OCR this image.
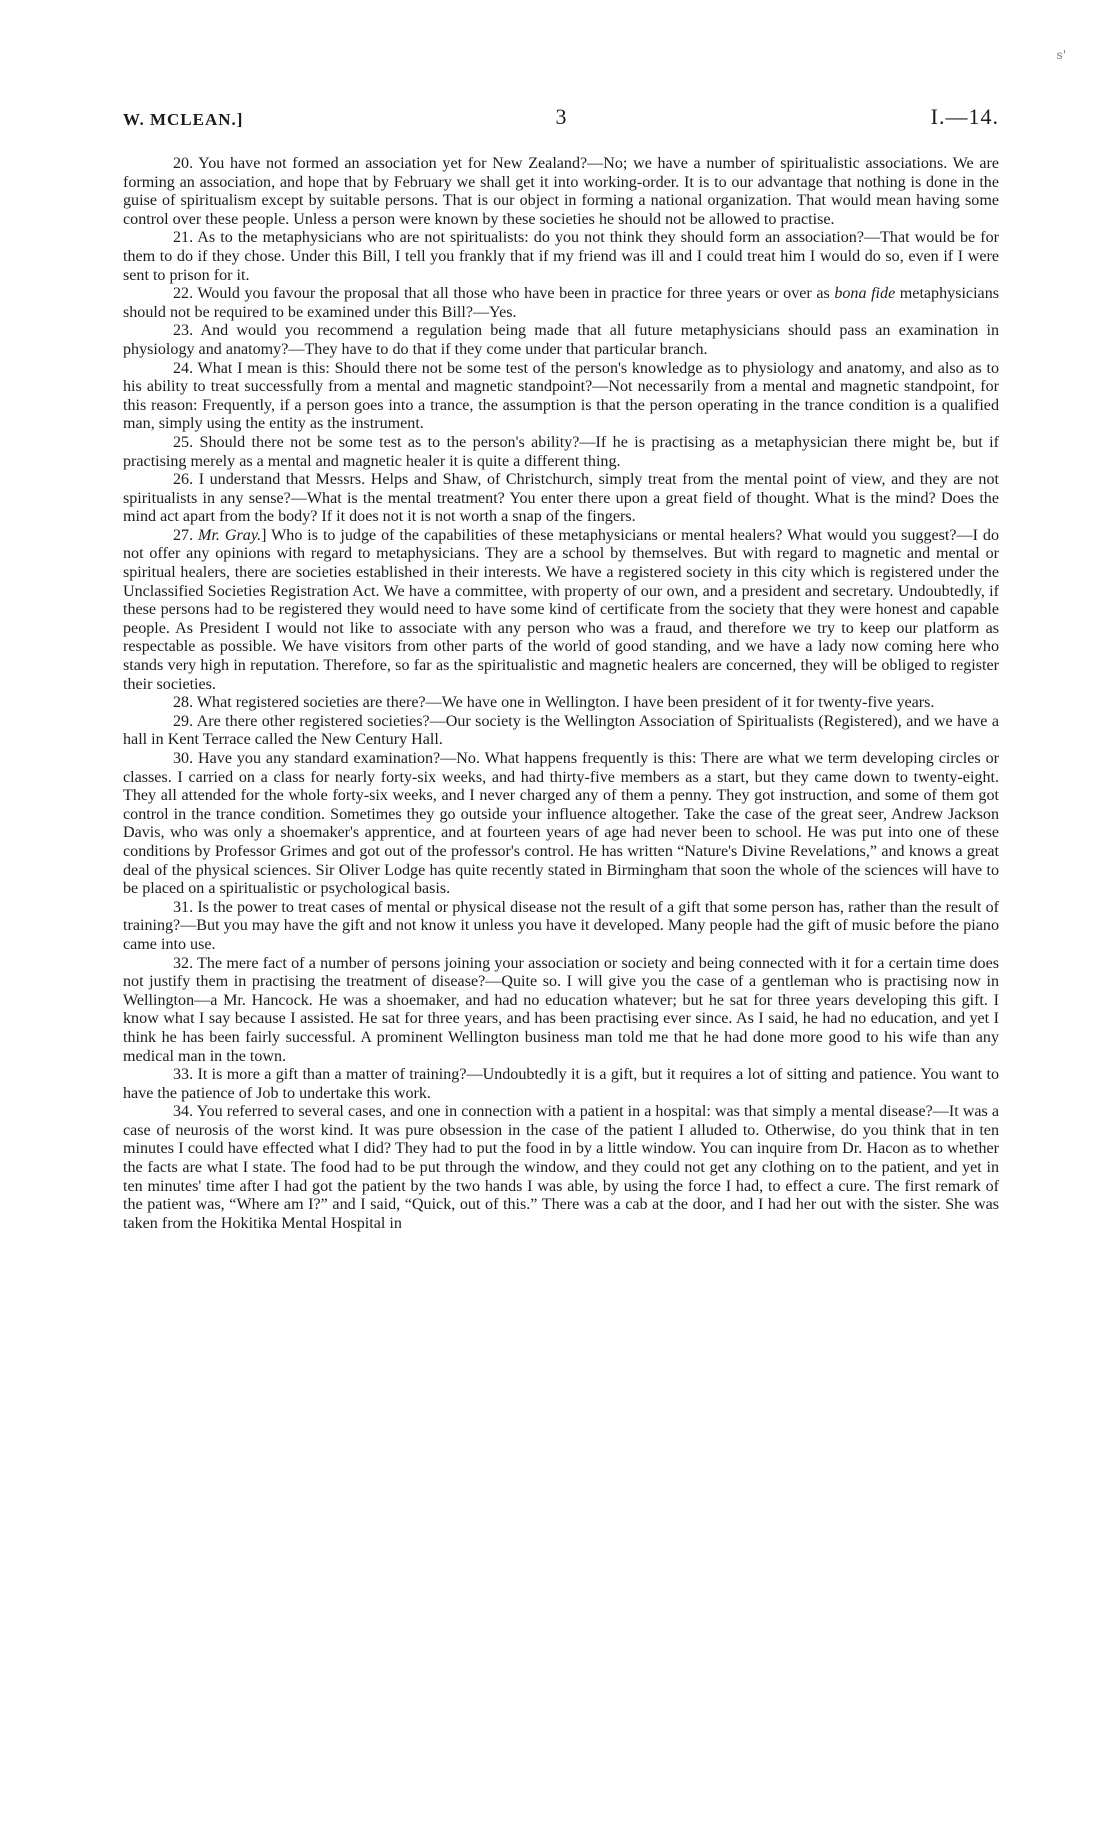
s'
W. MCLEAN.]	3	I.—14.

20. You have not formed an association yet for New Zealand?—No; we have a number of spiritualistic associations. We are forming an association, and hope that by February we shall get it into working-order. It is to our advantage that nothing is done in the guise of spiritualism except by suitable persons. That is our object in forming a national organization. That would mean having some control over these people. Unless a person were known by these societies he should not be allowed to practise.

21. As to the metaphysicians who are not spiritualists: do you not think they should form an association?—That would be for them to do if they chose. Under this Bill, I tell you frankly that if my friend was ill and I could treat him I would do so, even if I were sent to prison for it.

22. Would you favour the proposal that all those who have been in practice for three years or over as bona fide metaphysicians should not be required to be examined under this Bill?—Yes.

23. And would you recommend a regulation being made that all future metaphysicians should pass an examination in physiology and anatomy?—They have to do that if they come under that particular branch.

24. What I mean is this: Should there not be some test of the person's knowledge as to physiology and anatomy, and also as to his ability to treat successfully from a mental and magnetic standpoint?—Not necessarily from a mental and magnetic standpoint, for this reason: Frequently, if a person goes into a trance, the assumption is that the person operating in the trance condition is a qualified man, simply using the entity as the instrument.

25. Should there not be some test as to the person's ability?—If he is practising as a metaphysician there might be, but if practising merely as a mental and magnetic healer it is quite a different thing.

26. I understand that Messrs. Helps and Shaw, of Christchurch, simply treat from the mental point of view, and they are not spiritualists in any sense?—What is the mental treatment? You enter there upon a great field of thought. What is the mind? Does the mind act apart from the body? If it does not it is not worth a snap of the fingers.

27. Mr. Gray.] Who is to judge of the capabilities of these metaphysicians or mental healers? What would you suggest?—I do not offer any opinions with regard to metaphysicians. They are a school by themselves. But with regard to magnetic and mental or spiritual healers, there are societies established in their interests. We have a registered society in this city which is registered under the Unclassified Societies Registration Act. We have a committee, with property of our own, and a president and secretary. Undoubtedly, if these persons had to be registered they would need to have some kind of certificate from the society that they were honest and capable people. As President I would not like to associate with any person who was a fraud, and therefore we try to keep our platform as respectable as possible. We have visitors from other parts of the world of good standing, and we have a lady now coming here who stands very high in reputation. Therefore, so far as the spiritualistic and magnetic healers are concerned, they will be obliged to register their societies.

28. What registered societies are there?—We have one in Wellington. I have been president of it for twenty-five years.

29. Are there other registered societies?—Our society is the Wellington Association of Spiritualists (Registered), and we have a hall in Kent Terrace called the New Century Hall.

30. Have you any standard examination?—No. What happens frequently is this: There are what we term developing circles or classes. I carried on a class for nearly forty-six weeks, and had thirty-five members as a start, but they came down to twenty-eight. They all attended for the whole forty-six weeks, and I never charged any of them a penny. They got instruction, and some of them got control in the trance condition. Sometimes they go outside your influence altogether. Take the case of the great seer, Andrew Jackson Davis, who was only a shoemaker's apprentice, and at fourteen years of age had never been to school. He was put into one of these conditions by Professor Grimes and got out of the professor's control. He has written “Nature's Divine Revelations,” and knows a great deal of the physical sciences. Sir Oliver Lodge has quite recently stated in Birmingham that soon the whole of the sciences will have to be placed on a spiritualistic or psychological basis.

31. Is the power to treat cases of mental or physical disease not the result of a gift that some person has, rather than the result of training?—But you may have the gift and not know it unless you have it developed. Many people had the gift of music before the piano came into use.

32. The mere fact of a number of persons joining your association or society and being connected with it for a certain time does not justify them in practising the treatment of disease?—Quite so. I will give you the case of a gentleman who is practising now in Wellington—a Mr. Hancock. He was a shoemaker, and had no education whatever; but he sat for three years developing this gift. I know what I say because I assisted. He sat for three years, and has been practising ever since. As I said, he had no education, and yet I think he has been fairly successful. A prominent Wellington business man told me that he had done more good to his wife than any medical man in the town.

33. It is more a gift than a matter of training?—Undoubtedly it is a gift, but it requires a lot of sitting and patience. You want to have the patience of Job to undertake this work.

34. You referred to several cases, and one in connection with a patient in a hospital: was that simply a mental disease?—It was a case of neurosis of the worst kind. It was pure obsession in the case of the patient I alluded to. Otherwise, do you think that in ten minutes I could have effected what I did? They had to put the food in by a little window. You can inquire from Dr. Hacon as to whether the facts are what I state. The food had to be put through the window, and they could not get any clothing on to the patient, and yet in ten minutes' time after I had got the patient by the two hands I was able, by using the force I had, to effect a cure. The first remark of the patient was, “Where am I?” and I said, “Quick, out of this.” There was a cab at the door, and I had her out with the sister. She was taken from the Hokitika Mental Hospital in
